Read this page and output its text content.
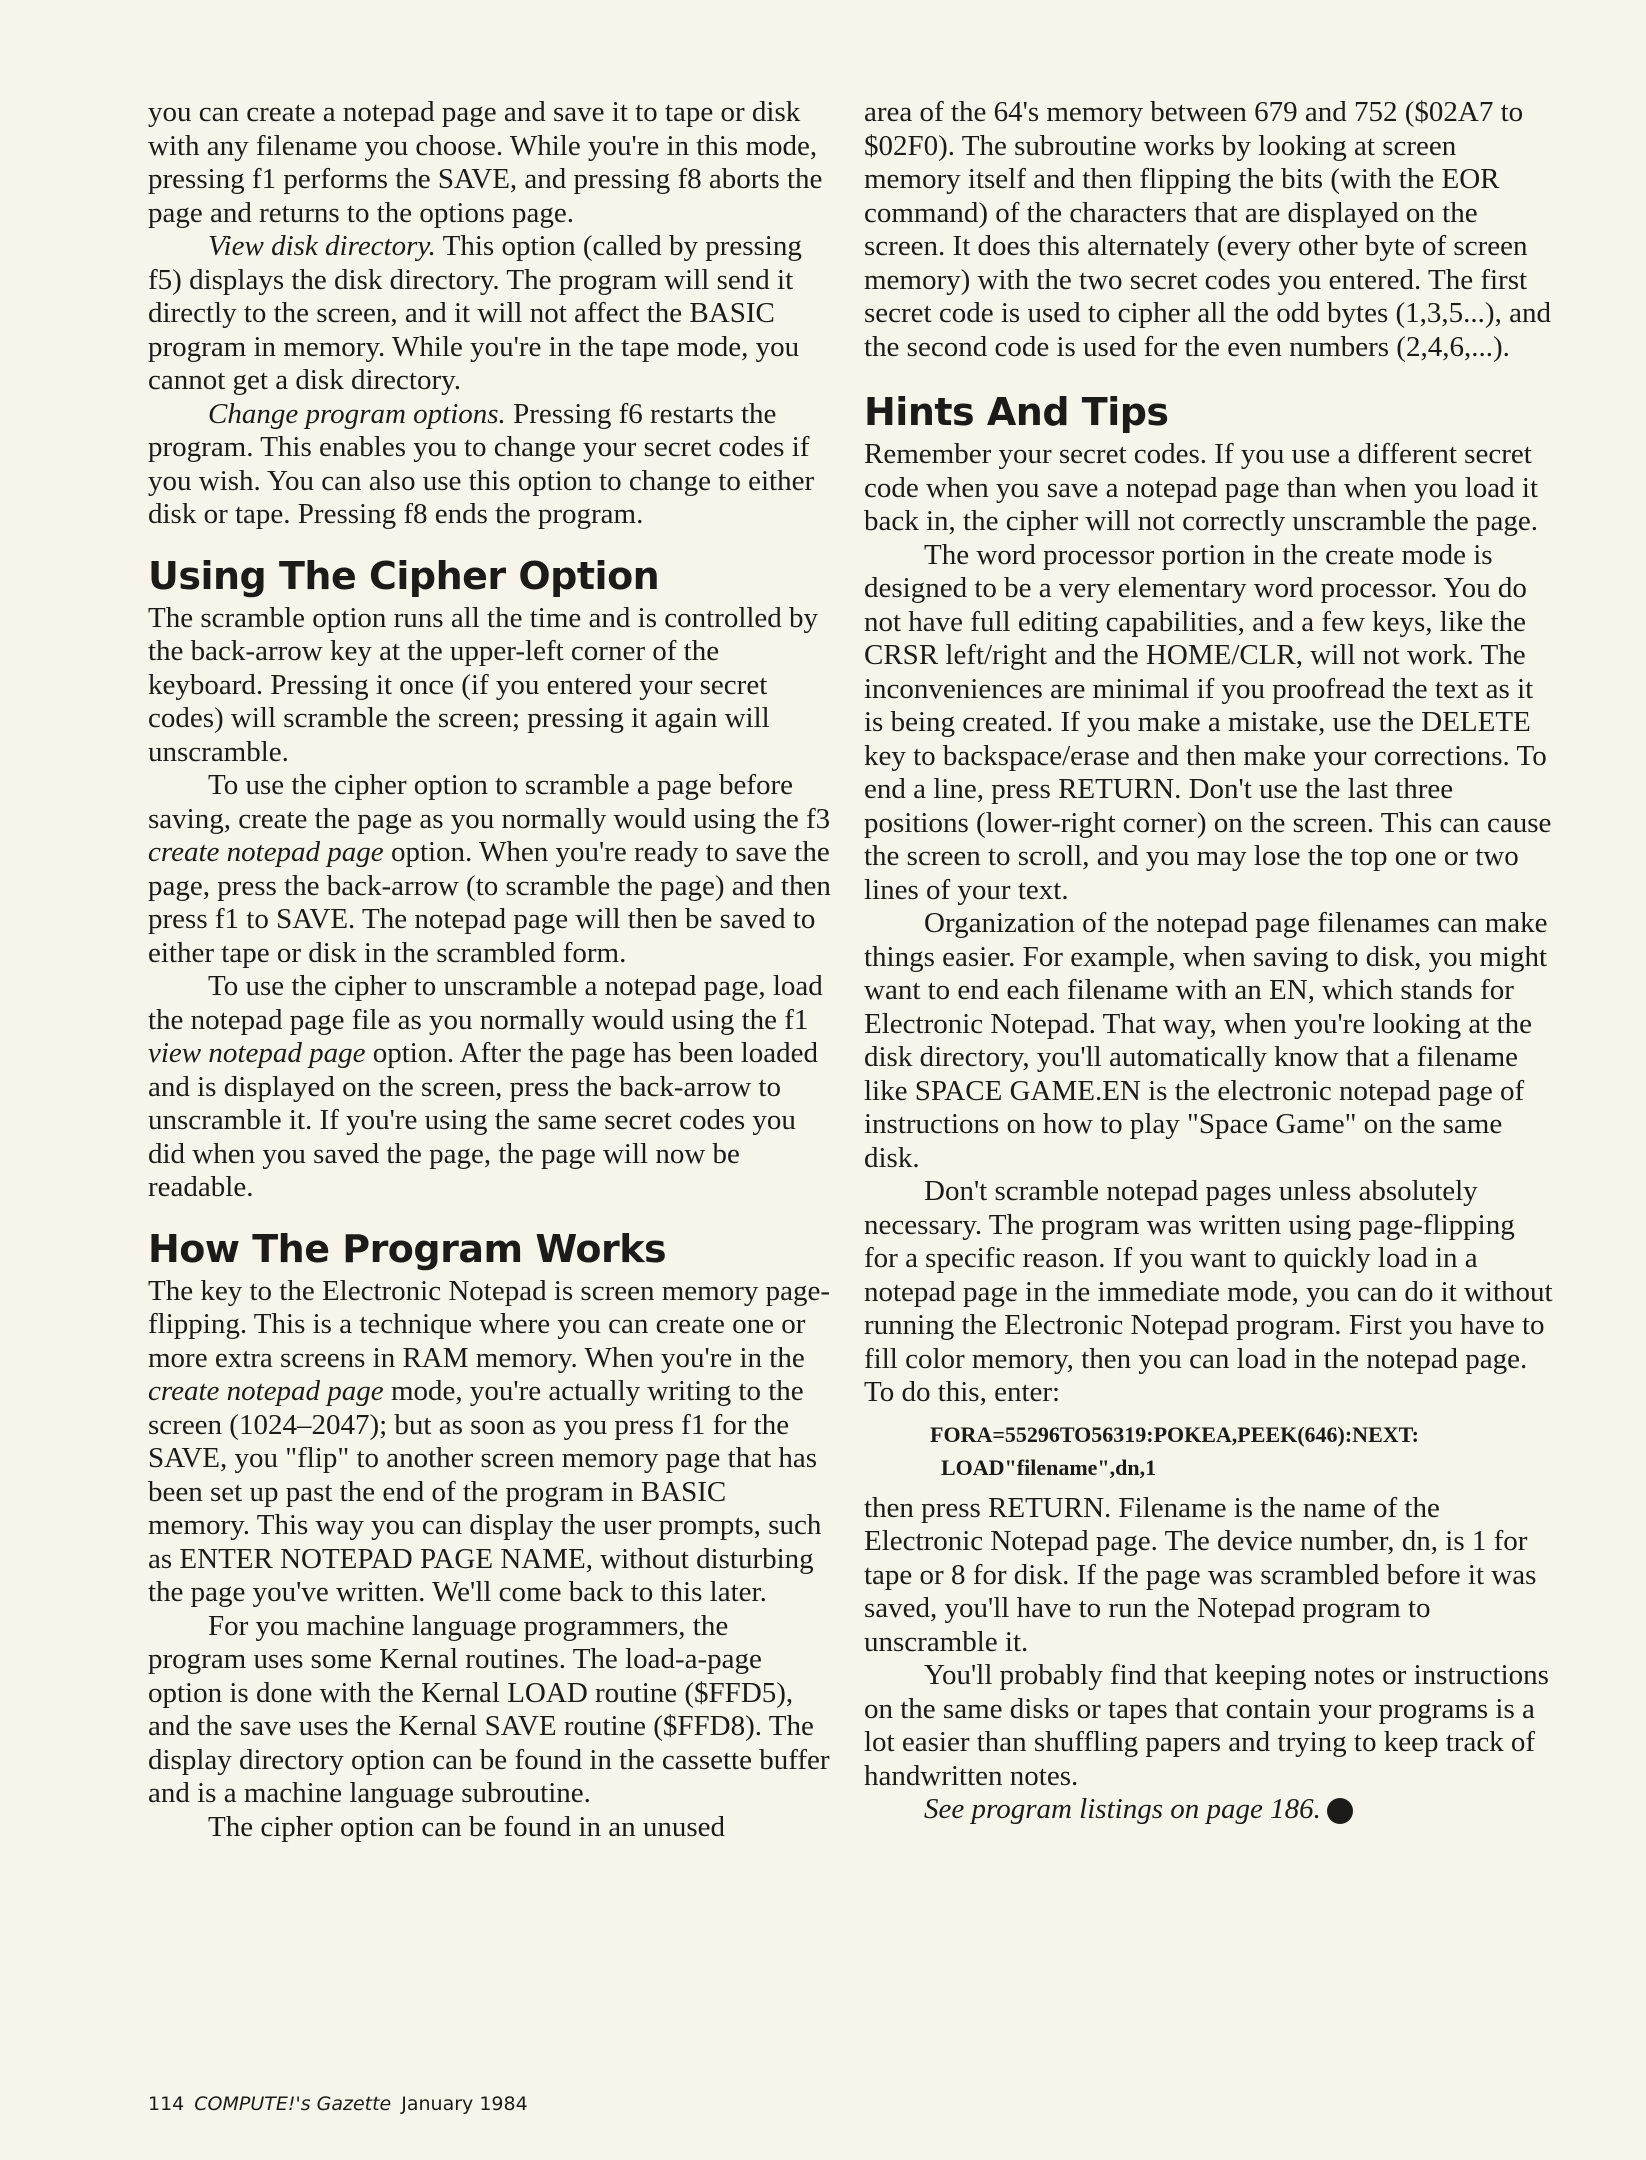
you can create a notepad page and save it to tape or disk with any filename you choose. While you're in this mode, pressing f1 performs the SAVE, and pressing f8 aborts the page and returns to the options page.

View disk directory. This option (called by pressing f5) displays the disk directory. The program will send it directly to the screen, and it will not affect the BASIC program in memory. While you're in the tape mode, you cannot get a disk directory.

Change program options. Pressing f6 restarts the program. This enables you to change your secret codes if you wish. You can also use this option to change to either disk or tape. Pressing f8 ends the program.

Using The Cipher Option

The scramble option runs all the time and is controlled by the back-arrow key at the upper-left corner of the keyboard. Pressing it once (if you entered your secret codes) will scramble the screen; pressing it again will unscramble.

To use the cipher option to scramble a page before saving, create the page as you normally would using the f3 create notepad page option. When you're ready to save the page, press the back-arrow (to scramble the page) and then press f1 to SAVE. The notepad page will then be saved to either tape or disk in the scrambled form.

To use the cipher to unscramble a notepad page, load the notepad page file as you normally would using the f1 view notepad page option. After the page has been loaded and is displayed on the screen, press the back-arrow to unscramble it. If you're using the same secret codes you did when you saved the page, the page will now be readable.

How The Program Works

The key to the Electronic Notepad is screen memory page-flipping. This is a technique where you can create one or more extra screens in RAM memory. When you're in the create notepad page mode, you're actually writing to the screen (1024–2047); but as soon as you press f1 for the SAVE, you "flip" to another screen memory page that has been set up past the end of the program in BASIC memory. This way you can display the user prompts, such as ENTER NOTEPAD PAGE NAME, without disturbing the page you've written. We'll come back to this later.

For you machine language programmers, the program uses some Kernal routines. The load-a-page option is done with the Kernal LOAD routine ($FFD5), and the save uses the Kernal SAVE routine ($FFD8). The display directory option can be found in the cassette buffer and is a machine language subroutine.

The cipher option can be found in an unused

area of the 64's memory between 679 and 752 ($02A7 to $02F0). The subroutine works by looking at screen memory itself and then flipping the bits (with the EOR command) of the characters that are displayed on the screen. It does this alternately (every other byte of screen memory) with the two secret codes you entered. The first secret code is used to cipher all the odd bytes (1,3,5...), and the second code is used for the even numbers (2,4,6,...).

Hints And Tips

Remember your secret codes. If you use a different secret code when you save a notepad page than when you load it back in, the cipher will not correctly unscramble the page.

The word processor portion in the create mode is designed to be a very elementary word processor. You do not have full editing capabilities, and a few keys, like the CRSR left/right and the HOME/CLR, will not work. The inconveniences are minimal if you proofread the text as it is being created. If you make a mistake, use the DELETE key to backspace/erase and then make your corrections. To end a line, press RETURN. Don't use the last three positions (lower-right corner) on the screen. This can cause the screen to scroll, and you may lose the top one or two lines of your text.

Organization of the notepad page filenames can make things easier. For example, when saving to disk, you might want to end each filename with an EN, which stands for Electronic Notepad. That way, when you're looking at the disk directory, you'll automatically know that a filename like SPACE GAME.EN is the electronic notepad page of instructions on how to play "Space Game" on the same disk.

Don't scramble notepad pages unless absolutely necessary. The program was written using page-flipping for a specific reason. If you want to quickly load in a notepad page in the immediate mode, you can do it without running the Electronic Notepad program. First you have to fill color memory, then you can load in the notepad page. To do this, enter:

FORA=55296TO56319:POKEA,PEEK(646):NEXT:
LOAD"filename",dn,1

then press RETURN. Filename is the name of the Electronic Notepad page. The device number, dn, is 1 for tape or 8 for disk. If the page was scrambled before it was saved, you'll have to run the Notepad program to unscramble it.

You'll probably find that keeping notes or instructions on the same disks or tapes that contain your programs is a lot easier than shuffling papers and trying to keep track of handwritten notes.

See program listings on page 186.	C

114 COMPUTE!'s Gazette January 1984
